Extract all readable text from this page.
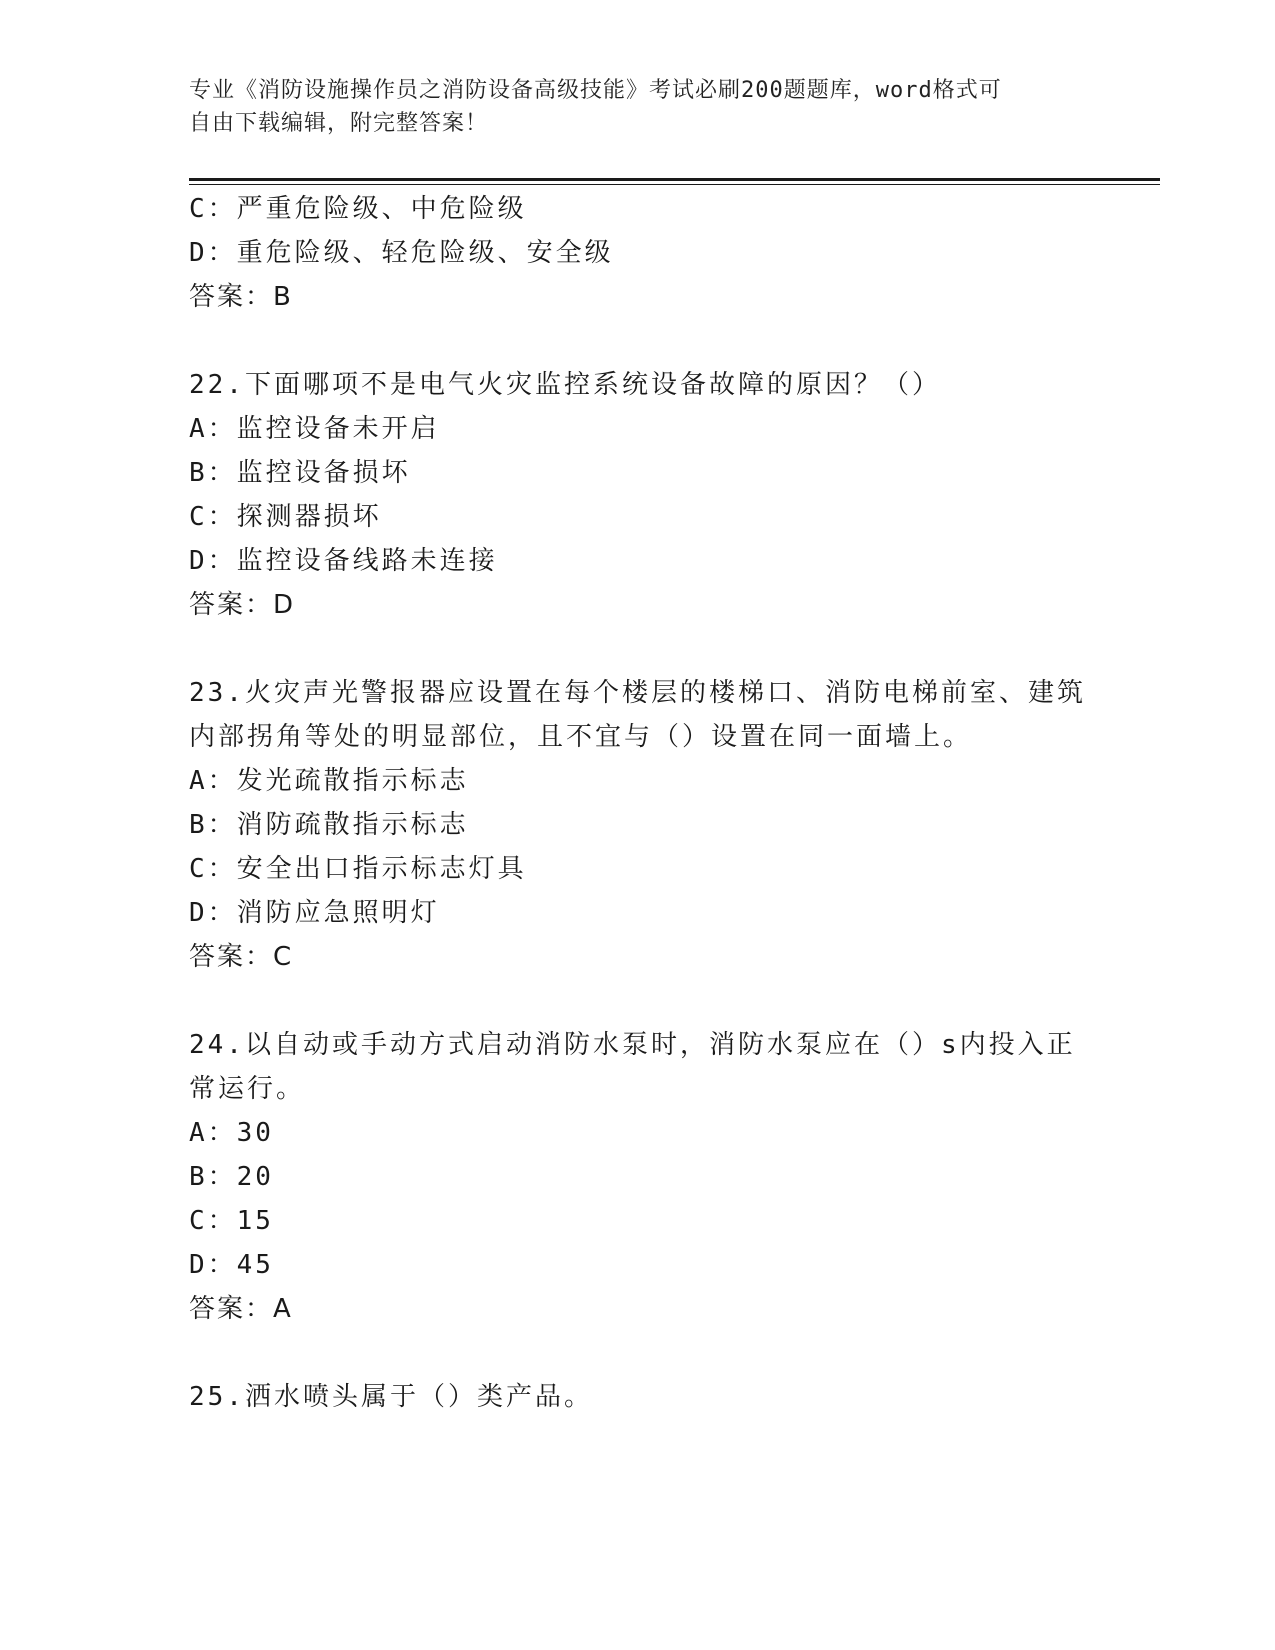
专业《消防设施操作员之消防设备高级技能》考试必刷200题题库，word格式可
自由下载编辑，附完整答案！
C：严重危险级、中危险级
D：重危险级、轻危险级、安全级
答案：B
22.下面哪项不是电气火灾监控系统设备故障的原因？（）
A：监控设备未开启
B：监控设备损坏
C：探测器损坏
D：监控设备线路未连接
答案：D
23.火灾声光警报器应设置在每个楼层的楼梯口、消防电梯前室、建筑
内部拐角等处的明显部位，且不宜与（）设置在同一面墙上。
A：发光疏散指示标志
B：消防疏散指示标志
C：安全出口指示标志灯具
D：消防应急照明灯
答案：C
24.以自动或手动方式启动消防水泵时，消防水泵应在（）s内投入正
常运行。
A：30
B：20
C：15
D：45
答案：A
25.洒水喷头属于（）类产品。
